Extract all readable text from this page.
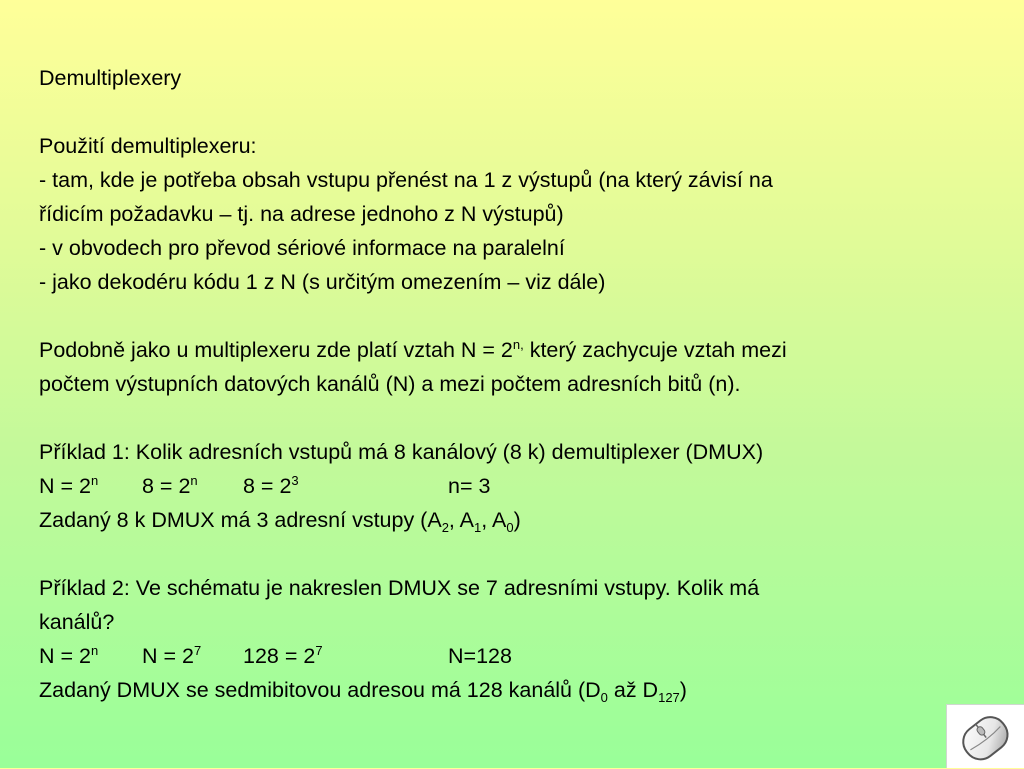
Demultiplexery
Použití demultiplexeru:
- tam, kde je potřeba obsah vstupu přenést na 1 z výstupů (na který závisí na
řídicím požadavku – tj. na adrese jednoho z N výstupů)
- v obvodech pro převod sériové informace na paralelní
- jako dekodéru kódu 1 z N (s určitým omezením – viz dále)
Podobně jako u multiplexeru zde platí vztah $N = 2^{n,}$ který zachycuje vztah mezi
počtem výstupních datových kanálů (N) a mezi počtem adresních bitů (n).
Příklad 1: Kolik adresních vstupů má 8 kanálový (8 k) demultiplexer (DMUX)
$N = 2^n$ $8 = 2^n$ $8 = 2^3$	n= 3
Zadaný 8 k DMUX má 3 adresní vstupy ($A_2$, $A_1$, $A_0$)
Příklad 2: Ve schématu je nakreslen DMUX se 7 adresními vstupy. Kolik má
kanálů?
$N = 2^n$ $N = 2^7$ $128 = 2^7$	N=128
Zadaný DMUX se sedmibitovou adresou má 128 kanálů ($D_0$ až $D_{127}$)
